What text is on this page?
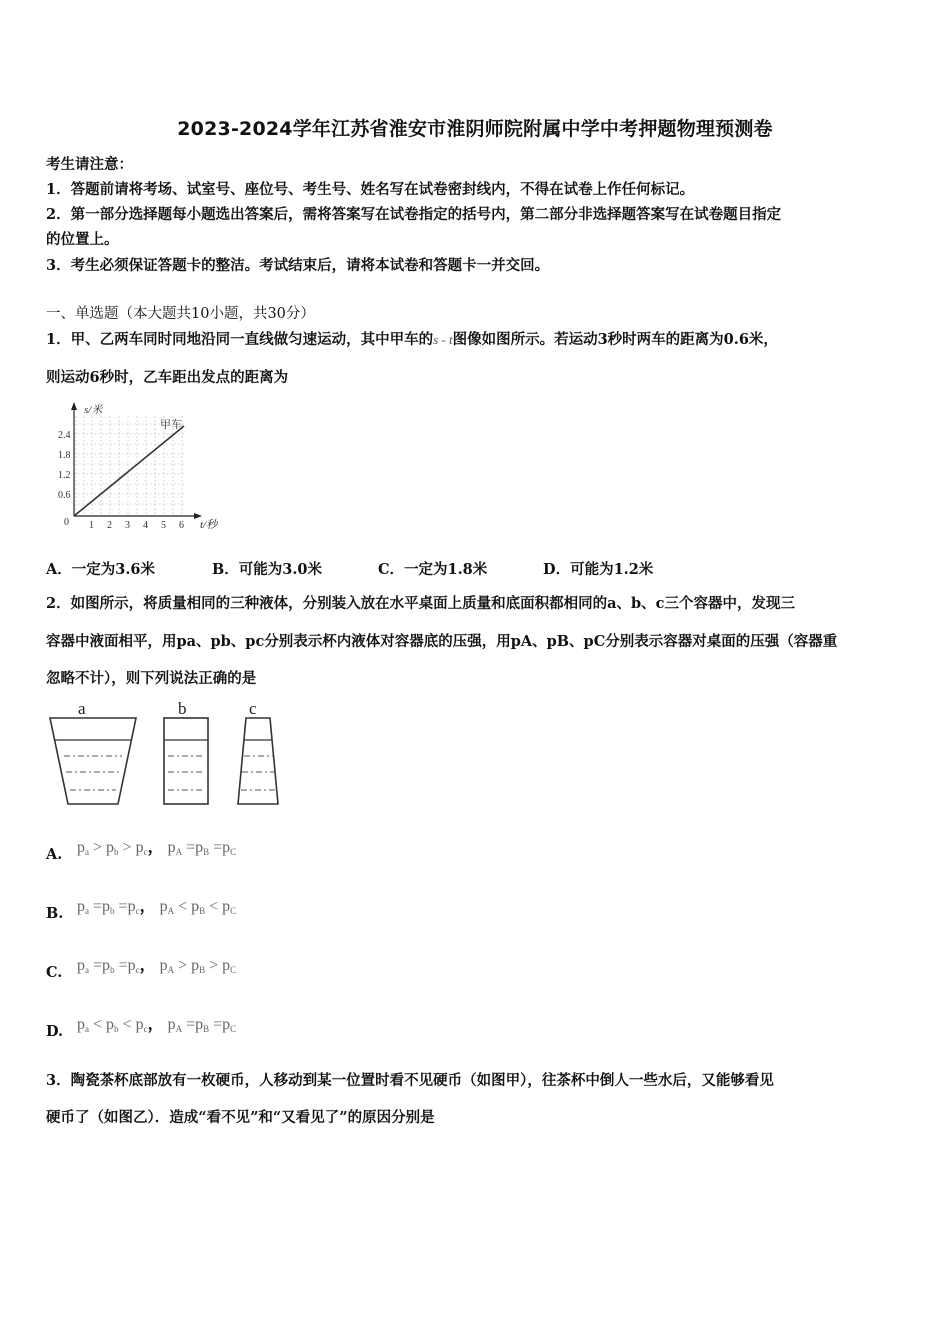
2023-2024学年江苏省淮安市淮阴师院附属中学中考押题物理预测卷
考生请注意：
1．答题前请将考场、试室号、座位号、考生号、姓名写在试卷密封线内，不得在试卷上作任何标记。
2．第一部分选择题每小题选出答案后，需将答案写在试卷指定的括号内，第二部分非选择题答案写在试卷题目指定
的位置上。
3．考生必须保证答题卡的整洁。考试结束后，请将本试卷和答题卡一并交回。
一、单选题（本大题共10小题，共30分）
1．甲、乙两车同时同地沿同一直线做匀速运动，其中甲车的s - t图像如图所示。若运动3秒时两车的距离为0.6米，
则运动6秒时，乙车距出发点的距离为
s/米
甲车
2.4
1.8
1.2
0.6
0 1 2 3 4 5 6 t/秒
A．一定为3.6米	B．可能为3.0米	C．一定为1.8米	D．可能为1.2米
2．如图所示，将质量相同的三种液体，分别装入放在水平桌面上质量和底面积都相同的a、b、c三个容器中，发现三
容器中液面相平，用pa、pb、pc分别表示杯内液体对容器底的压强，用pA、pB、pC分别表示容器对桌面的压强（容器重
忽略不计），则下列说法正确的是
a	b	c
A. $p_a > p_b > p_c$， $p_A =p_B =p_C$
B. $p_a =p_b =p_c$， $p_A < p_B < p_C$
C. $p_a =p_b =p_c$， $p_A > p_B > p_C$
D. $p_a < p_b < p_c$， $p_A =p_B =p_C$
3．陶瓷茶杯底部放有一枚硬币，人移动到某一位置时看不见硬币（如图甲），往茶杯中倒人一些水后，又能够看见
硬币了（如图乙）．造成“看不见”和“又看见了”的原因分别是
